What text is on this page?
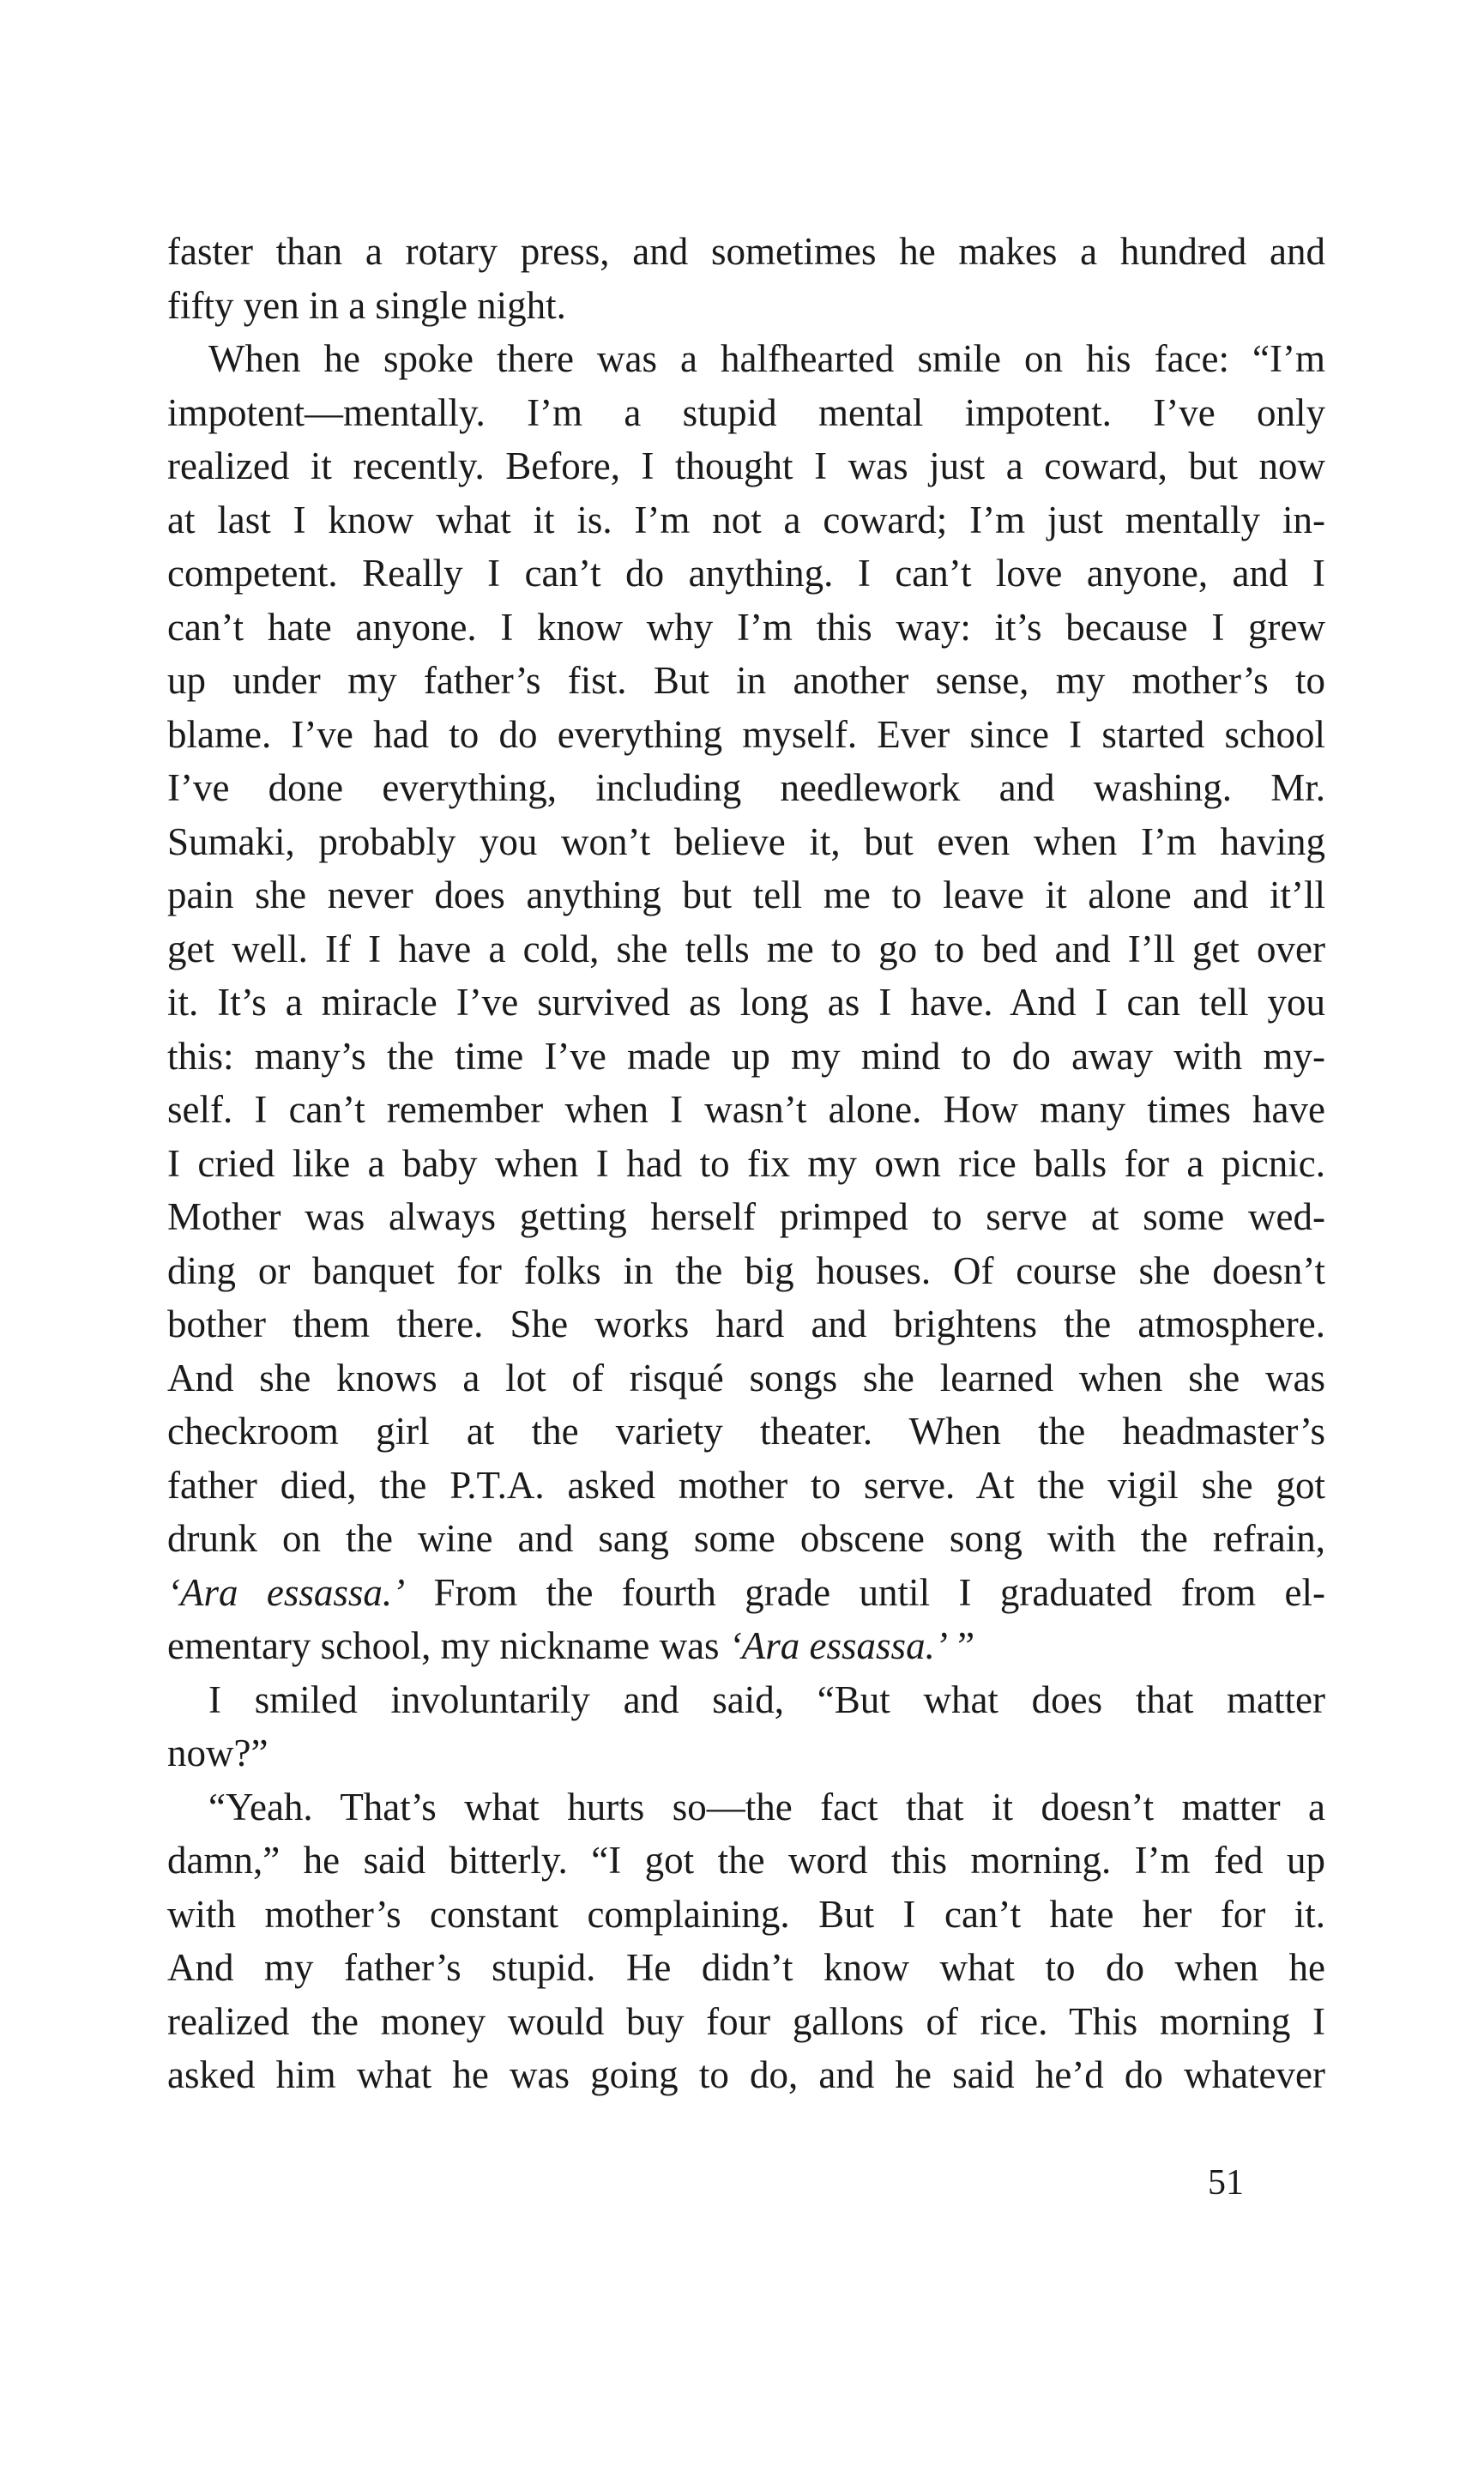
faster than a rotary press, and sometimes he makes a hundred and
fifty yen in a single night.
When he spoke there was a halfhearted smile on his face: “I’m
impotent—mentally. I’m a stupid mental impotent. I’ve only
realized it recently. Before, I thought I was just a coward, but now
at last I know what it is. I’m not a coward; I’m just mentally in-
competent. Really I can’t do anything. I can’t love anyone, and I
can’t hate anyone. I know why I’m this way: it’s because I grew
up under my father’s fist. But in another sense, my mother’s to
blame. I’ve had to do everything myself. Ever since I started school
I’ve done everything, including needlework and washing. Mr.
Sumaki, probably you won’t believe it, but even when I’m having
pain she never does anything but tell me to leave it alone and it’ll
get well. If I have a cold, she tells me to go to bed and I’ll get over
it. It’s a miracle I’ve survived as long as I have. And I can tell you
this: many’s the time I’ve made up my mind to do away with my-
self. I can’t remember when I wasn’t alone. How many times have
I cried like a baby when I had to fix my own rice balls for a picnic.
Mother was always getting herself primped to serve at some wed-
ding or banquet for folks in the big houses. Of course she doesn’t
bother them there. She works hard and brightens the atmosphere.
And she knows a lot of risqué songs she learned when she was
checkroom girl at the variety theater. When the headmaster’s
father died, the P.T.A. asked mother to serve. At the vigil she got
drunk on the wine and sang some obscene song with the refrain,
‘Ara essassa.’ From the fourth grade until I graduated from el-
ementary school, my nickname was ‘Ara essassa.’ ”
I smiled involuntarily and said, “But what does that matter
now?”
“Yeah. That’s what hurts so—the fact that it doesn’t matter a
damn,” he said bitterly. “I got the word this morning. I’m fed up
with mother’s constant complaining. But I can’t hate her for it.
And my father’s stupid. He didn’t know what to do when he
realized the money would buy four gallons of rice. This morning I
asked him what he was going to do, and he said he’d do whatever
51
